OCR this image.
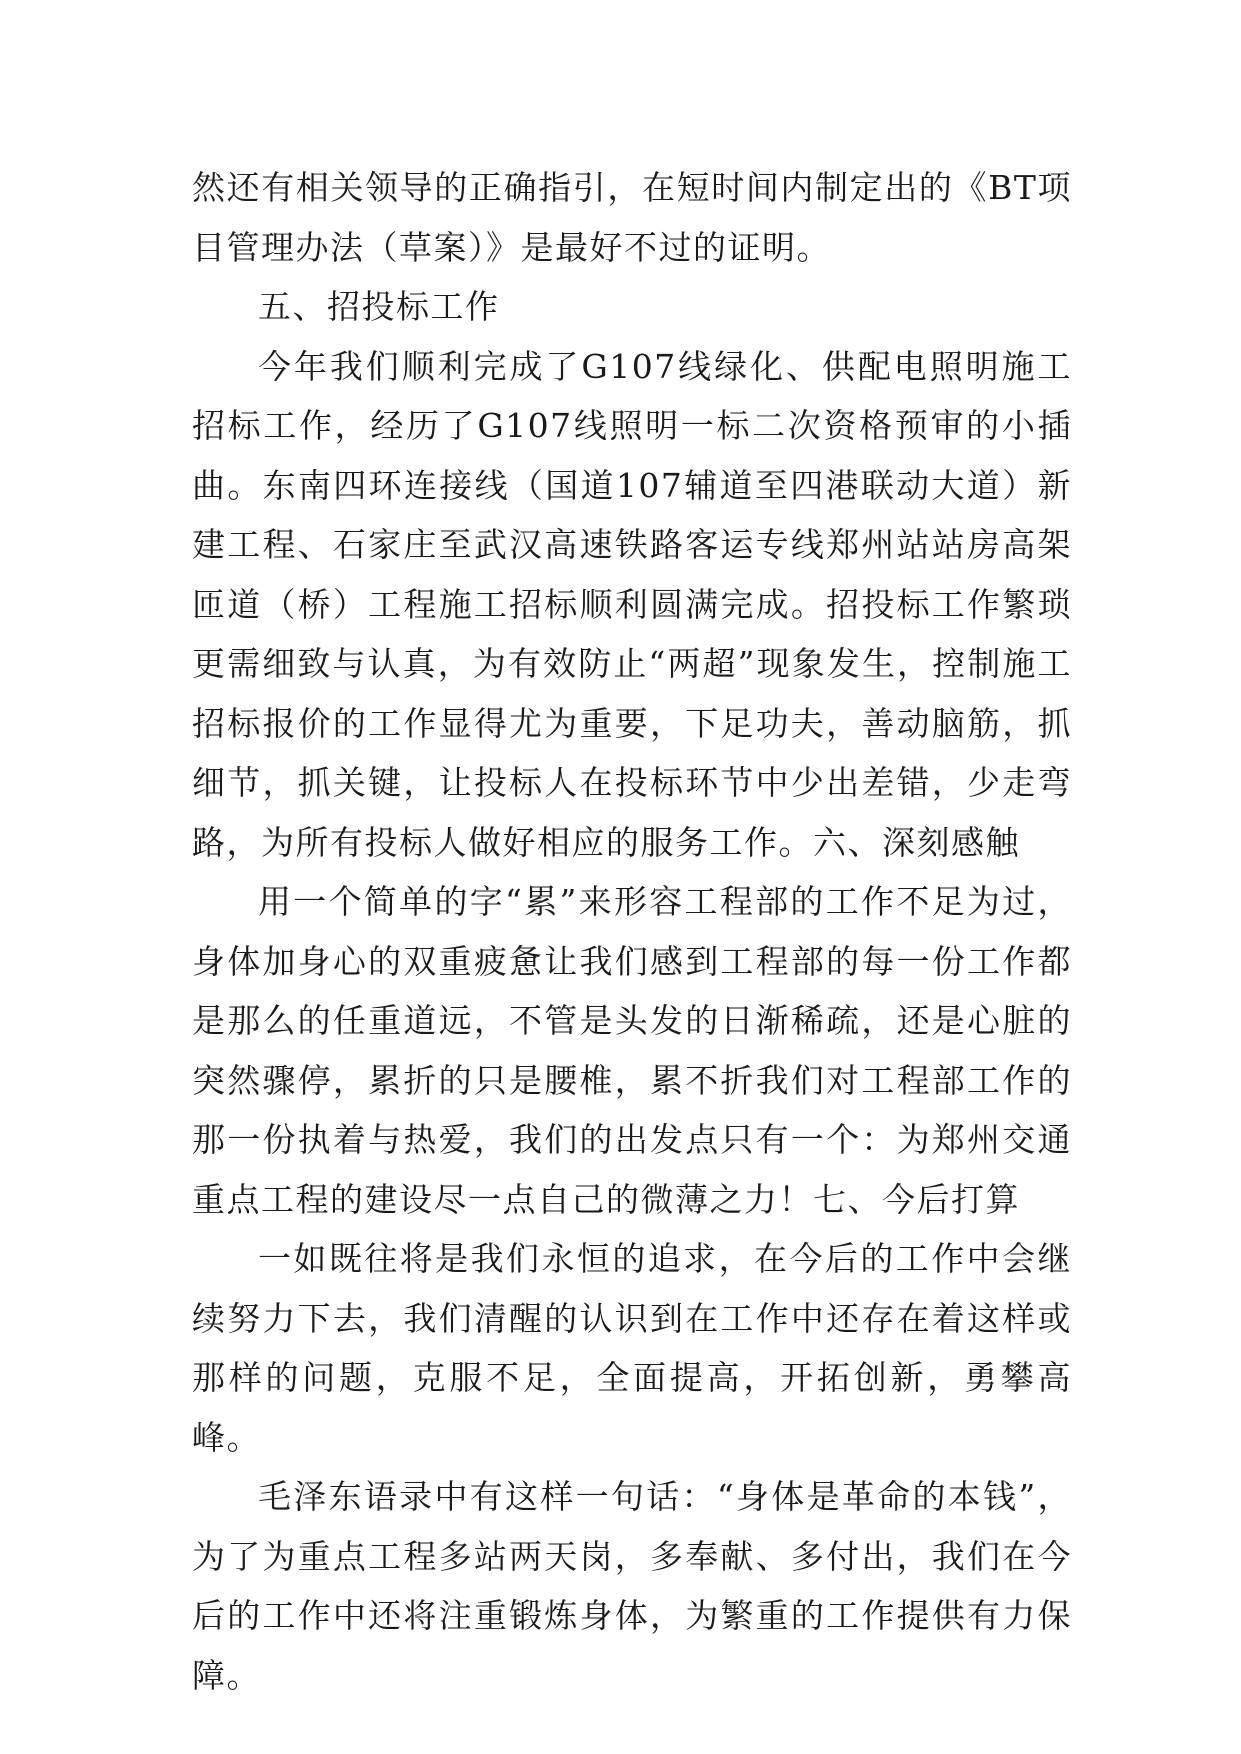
然还有相关领导的正确指引，在短时间内制定出的《BT项目管理办法（草案）》是最好不过的证明。

五、招投标工作

今年我们顺利完成了G107线绿化、供配电照明施工招标工作，经历了G107线照明一标二次资格预审的小插曲。东南四环连接线（国道107辅道至四港联动大道）新建工程、石家庄至武汉高速铁路客运专线郑州站站房高架匝道（桥）工程施工招标顺利圆满完成。招投标工作繁琐更需细致与认真，为有效防止“两超”现象发生，控制施工招标报价的工作显得尤为重要，下足功夫，善动脑筋，抓细节，抓关键，让投标人在投标环节中少出差错，少走弯路，为所有投标人做好相应的服务工作。六、深刻感触

用一个简单的字“累”来形容工程部的工作不足为过，身体加身心的双重疲惫让我们感到工程部的每一份工作都是那么的任重道远，不管是头发的日渐稀疏，还是心脏的突然骤停，累折的只是腰椎，累不折我们对工程部工作的那一份执着与热爱，我们的出发点只有一个：为郑州交通重点工程的建设尽一点自己的微薄之力！七、今后打算

一如既往将是我们永恒的追求，在今后的工作中会继续努力下去，我们清醒的认识到在工作中还存在着这样或那样的问题，克服不足，全面提高，开拓创新，勇攀高峰。

毛泽东语录中有这样一句话：“身体是革命的本钱”，为了为重点工程多站两天岗，多奉献、多付出，我们在今后的工作中还将注重锻炼身体，为繁重的工作提供有力保障。
